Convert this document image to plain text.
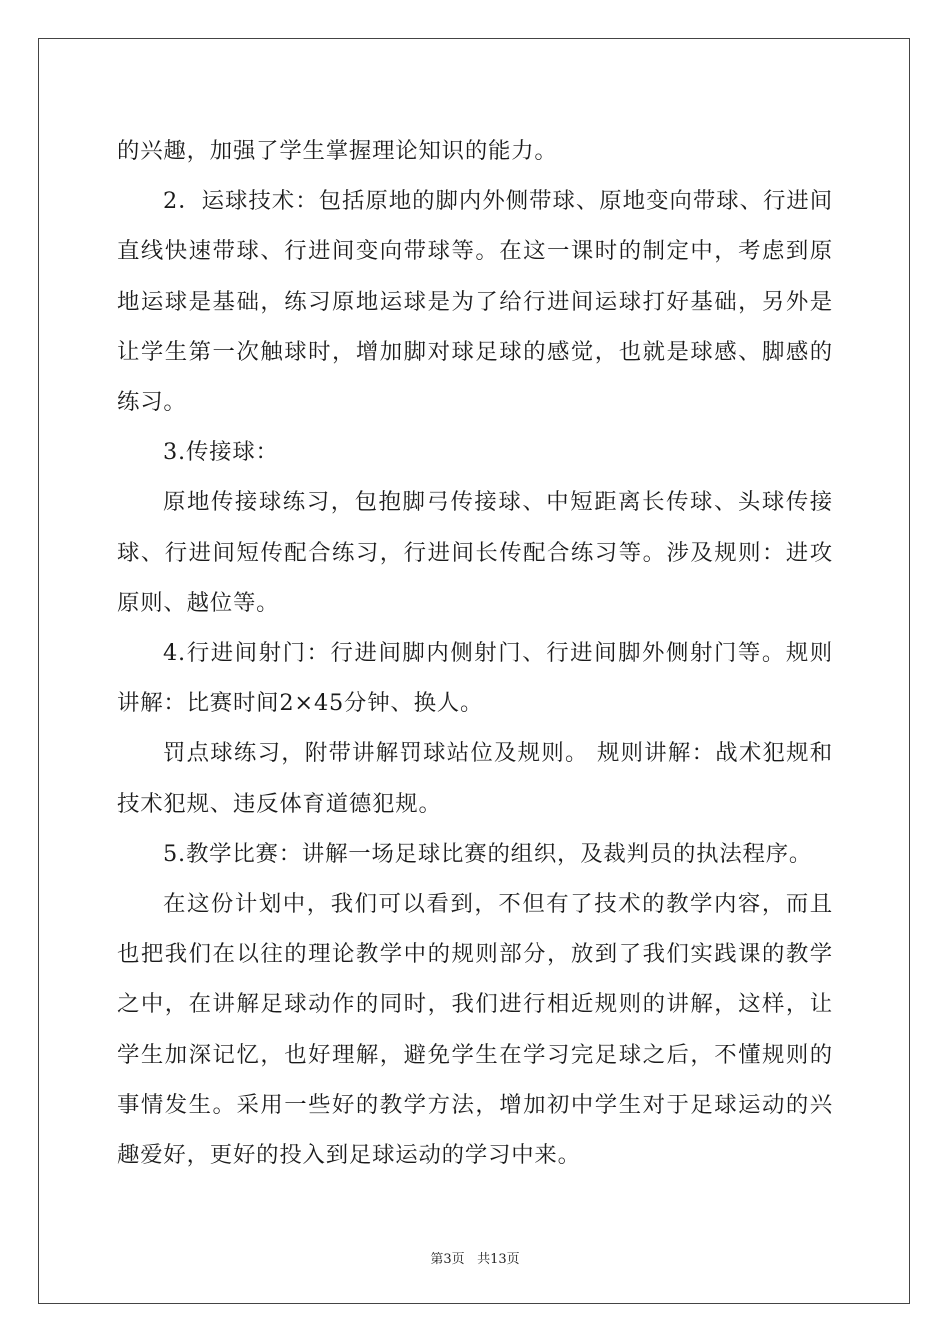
的兴趣，加强了学生掌握理论知识的能力。

2．运球技术：包括原地的脚内外侧带球、原地变向带球、行进间直线快速带球、行进间变向带球等。在这一课时的制定中，考虑到原地运球是基础，练习原地运球是为了给行进间运球打好基础，另外是让学生第一次触球时，增加脚对球足球的感觉，也就是球感、脚感的练习。

3.传接球：

原地传接球练习，包抱脚弓传接球、中短距离长传球、头球传接球、行进间短传配合练习，行进间长传配合练习等。涉及规则：进攻原则、越位等。

4.行进间射门：行进间脚内侧射门、行进间脚外侧射门等。规则讲解：比赛时间2×45分钟、换人。

罚点球练习，附带讲解罚球站位及规则。 规则讲解：战术犯规和技术犯规、违反体育道德犯规。

5.教学比赛：讲解一场足球比赛的组织，及裁判员的执法程序。

在这份计划中，我们可以看到，不但有了技术的教学内容，而且也把我们在以往的理论教学中的规则部分，放到了我们实践课的教学之中，在讲解足球动作的同时，我们进行相近规则的讲解，这样，让学生加深记忆，也好理解，避免学生在学习完足球之后，不懂规则的事情发生。采用一些好的教学方法，增加初中学生对于足球运动的兴趣爱好，更好的投入到足球运动的学习中来。

第3页 共13页
